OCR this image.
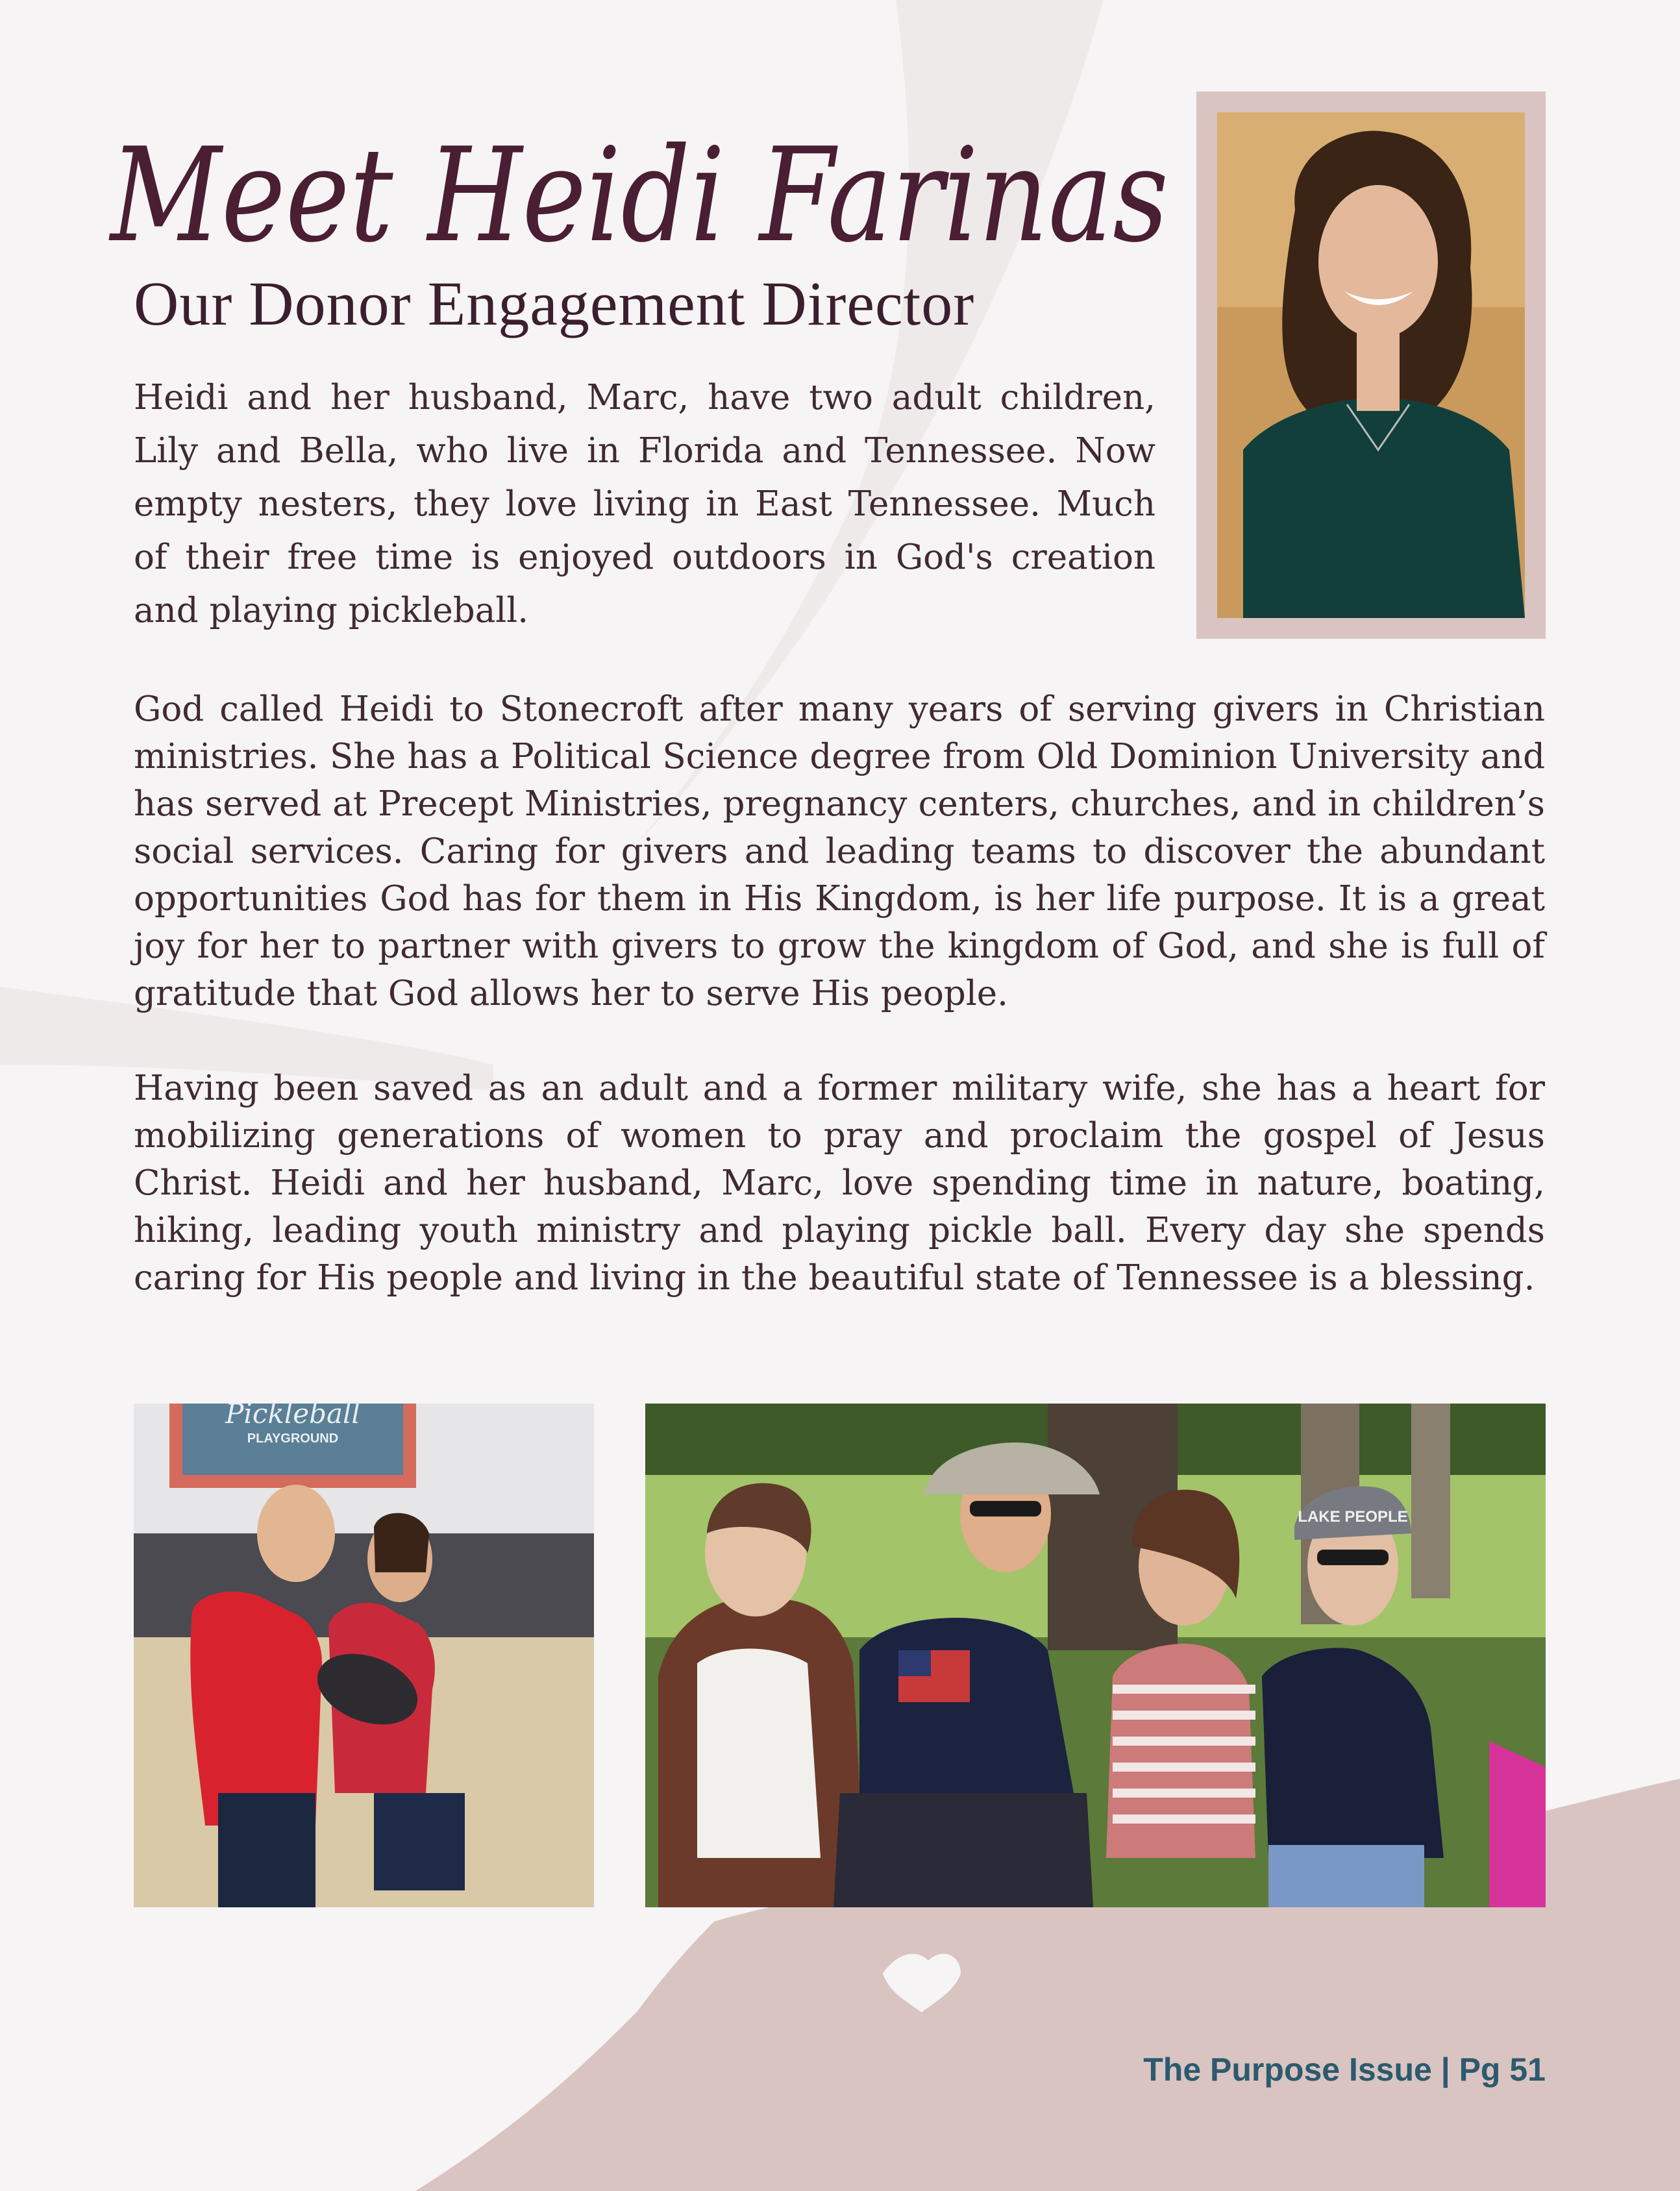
Meet Heidi Farinas
Our Donor Engagement Director
Heidi and her husband, Marc, have two adult children, Lily and Bella, who live in Florida and Tennessee. Now empty nesters, they love living in East Tennessee. Much of their free time is enjoyed outdoors in God's creation and playing pickleball.
God called Heidi to Stonecroft after many years of serving givers in Christian ministries. She has a Political Science degree from Old Dominion University and has served at Precept Ministries, pregnancy centers, churches, and in children’s social services. Caring for givers and leading teams to discover the abundant opportunities God has for them in His Kingdom, is her life purpose. It is a great joy for her to partner with givers to grow the kingdom of God, and she is full of gratitude that God allows her to serve His people.
Having been saved as an adult and a former military wife, she has a heart for mobilizing generations of women to pray and proclaim the gospel of Jesus Christ. Heidi and her husband, Marc, love spending time in nature, boating, hiking, leading youth ministry and playing pickle ball. Every day she spends caring for His people and living in the beautiful state of Tennessee is a blessing.
Pickleball
PLAYGROUND
LAKE PEOPLE
The Purpose Issue | Pg 51
